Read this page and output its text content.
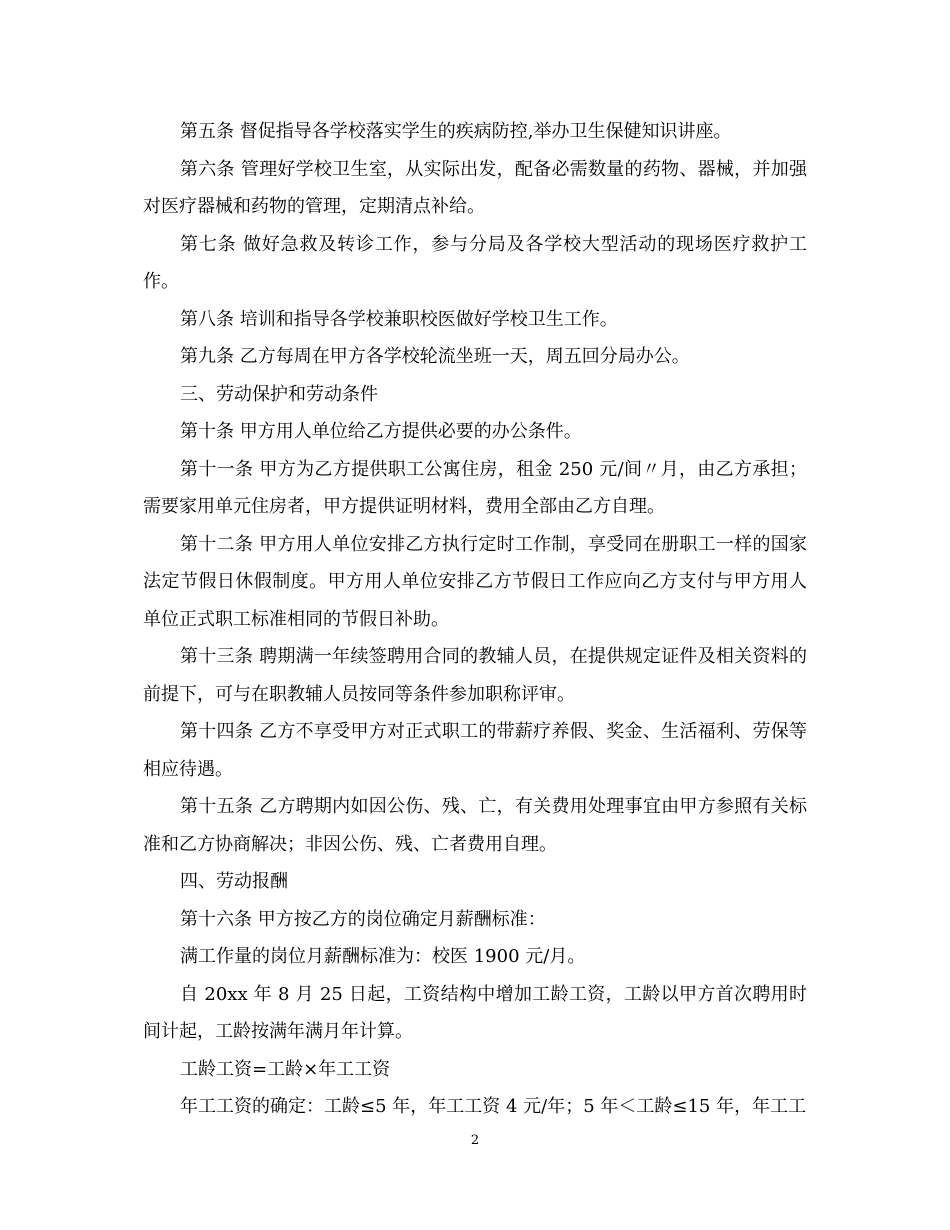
第五条 督促指导各学校落实学生的疾病防控,举办卫生保健知识讲座。

第六条 管理好学校卫生室，从实际出发，配备必需数量的药物、器械，并加强对医疗器械和药物的管理，定期清点补给。

第七条 做好急救及转诊工作，参与分局及各学校大型活动的现场医疗救护工作。

第八条 培训和指导各学校兼职校医做好学校卫生工作。

第九条 乙方每周在甲方各学校轮流坐班一天，周五回分局办公。

三、劳动保护和劳动条件

第十条 甲方用人单位给乙方提供必要的办公条件。

第十一条 甲方为乙方提供职工公寓住房，租金 250 元/间〃月，由乙方承担；需要家用单元住房者，甲方提供证明材料，费用全部由乙方自理。

第十二条 甲方用人单位安排乙方执行定时工作制，享受同在册职工一样的国家法定节假日休假制度。甲方用人单位安排乙方节假日工作应向乙方支付与甲方用人单位正式职工标准相同的节假日补助。

第十三条 聘期满一年续签聘用合同的教辅人员，在提供规定证件及相关资料的前提下，可与在职教辅人员按同等条件参加职称评审。

第十四条 乙方不享受甲方对正式职工的带薪疗养假、奖金、生活福利、劳保等相应待遇。

第十五条 乙方聘期内如因公伤、残、亡，有关费用处理事宜由甲方参照有关标准和乙方协商解决；非因公伤、残、亡者费用自理。

四、劳动报酬

第十六条 甲方按乙方的岗位确定月薪酬标准：

满工作量的岗位月薪酬标准为：校医 1900 元/月。

自 20xx 年 8 月 25 日起，工资结构中增加工龄工资，工龄以甲方首次聘用时间计起，工龄按满年满月年计算。

工龄工资=工龄×年工工资

年工工资的确定：工龄≤5 年，年工工资 4 元/年；5 年＜工龄≤15 年，年工工

2
